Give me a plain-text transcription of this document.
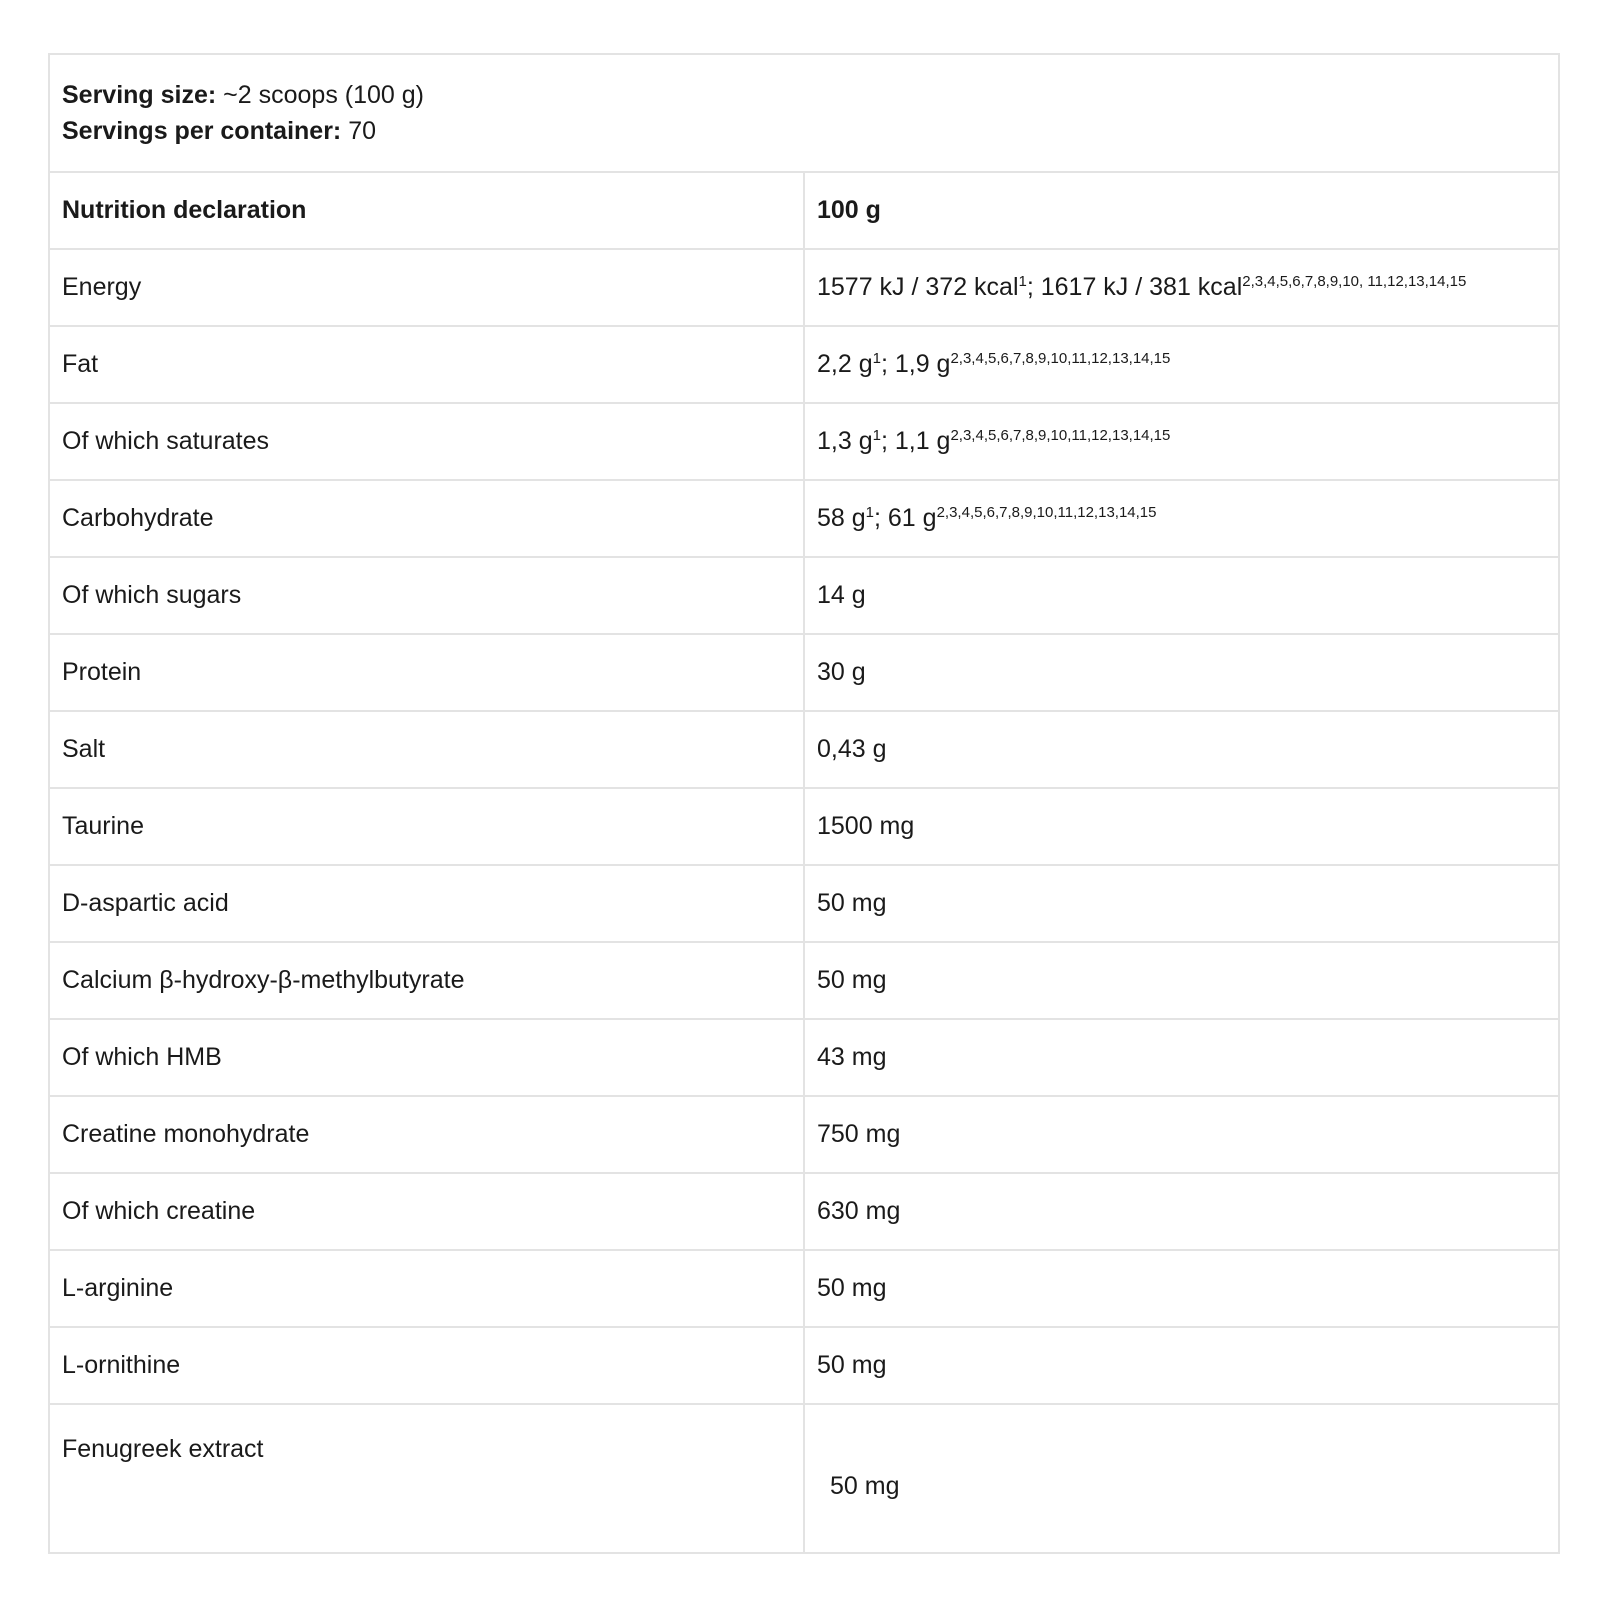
Serving size: ~2 scoops (100 g)
Servings per container: 70	

Nutrition declaration	100 g
Energy	1577 kJ / 372 kcal$^1$; 1617 kJ / 381 kcal$^{2,3,4,5,6,7,8,9,10, 11,12,13,14,15}$
Fat	2,2 $g^1$; 1,9 $g^{2,3,4,5,6,7,8,9,10,11,12,13,14,15}$
Of which saturates	1,3 $g^1$; 1,1 $g^{2,3,4,5,6,7,8,9,10,11,12,13,14,15}$
Carbohydrate	58 $g^1$; 61 $g^{2,3,4,5,6,7,8,9,10,11,12,13,14,15}$
Of which sugars	14 g
Protein	30 g
Salt	0,43 g
Taurine	1500 mg
D-aspartic acid	50 mg
Calcium β-hydroxy-β-methylbutyrate	50 mg
Of which HMB	43 mg
Creatine monohydrate	750 mg
Of which creatine	630 mg
L-arginine	50 mg
L-ornithine	50 mg
Fenugreek extract	50 mg
